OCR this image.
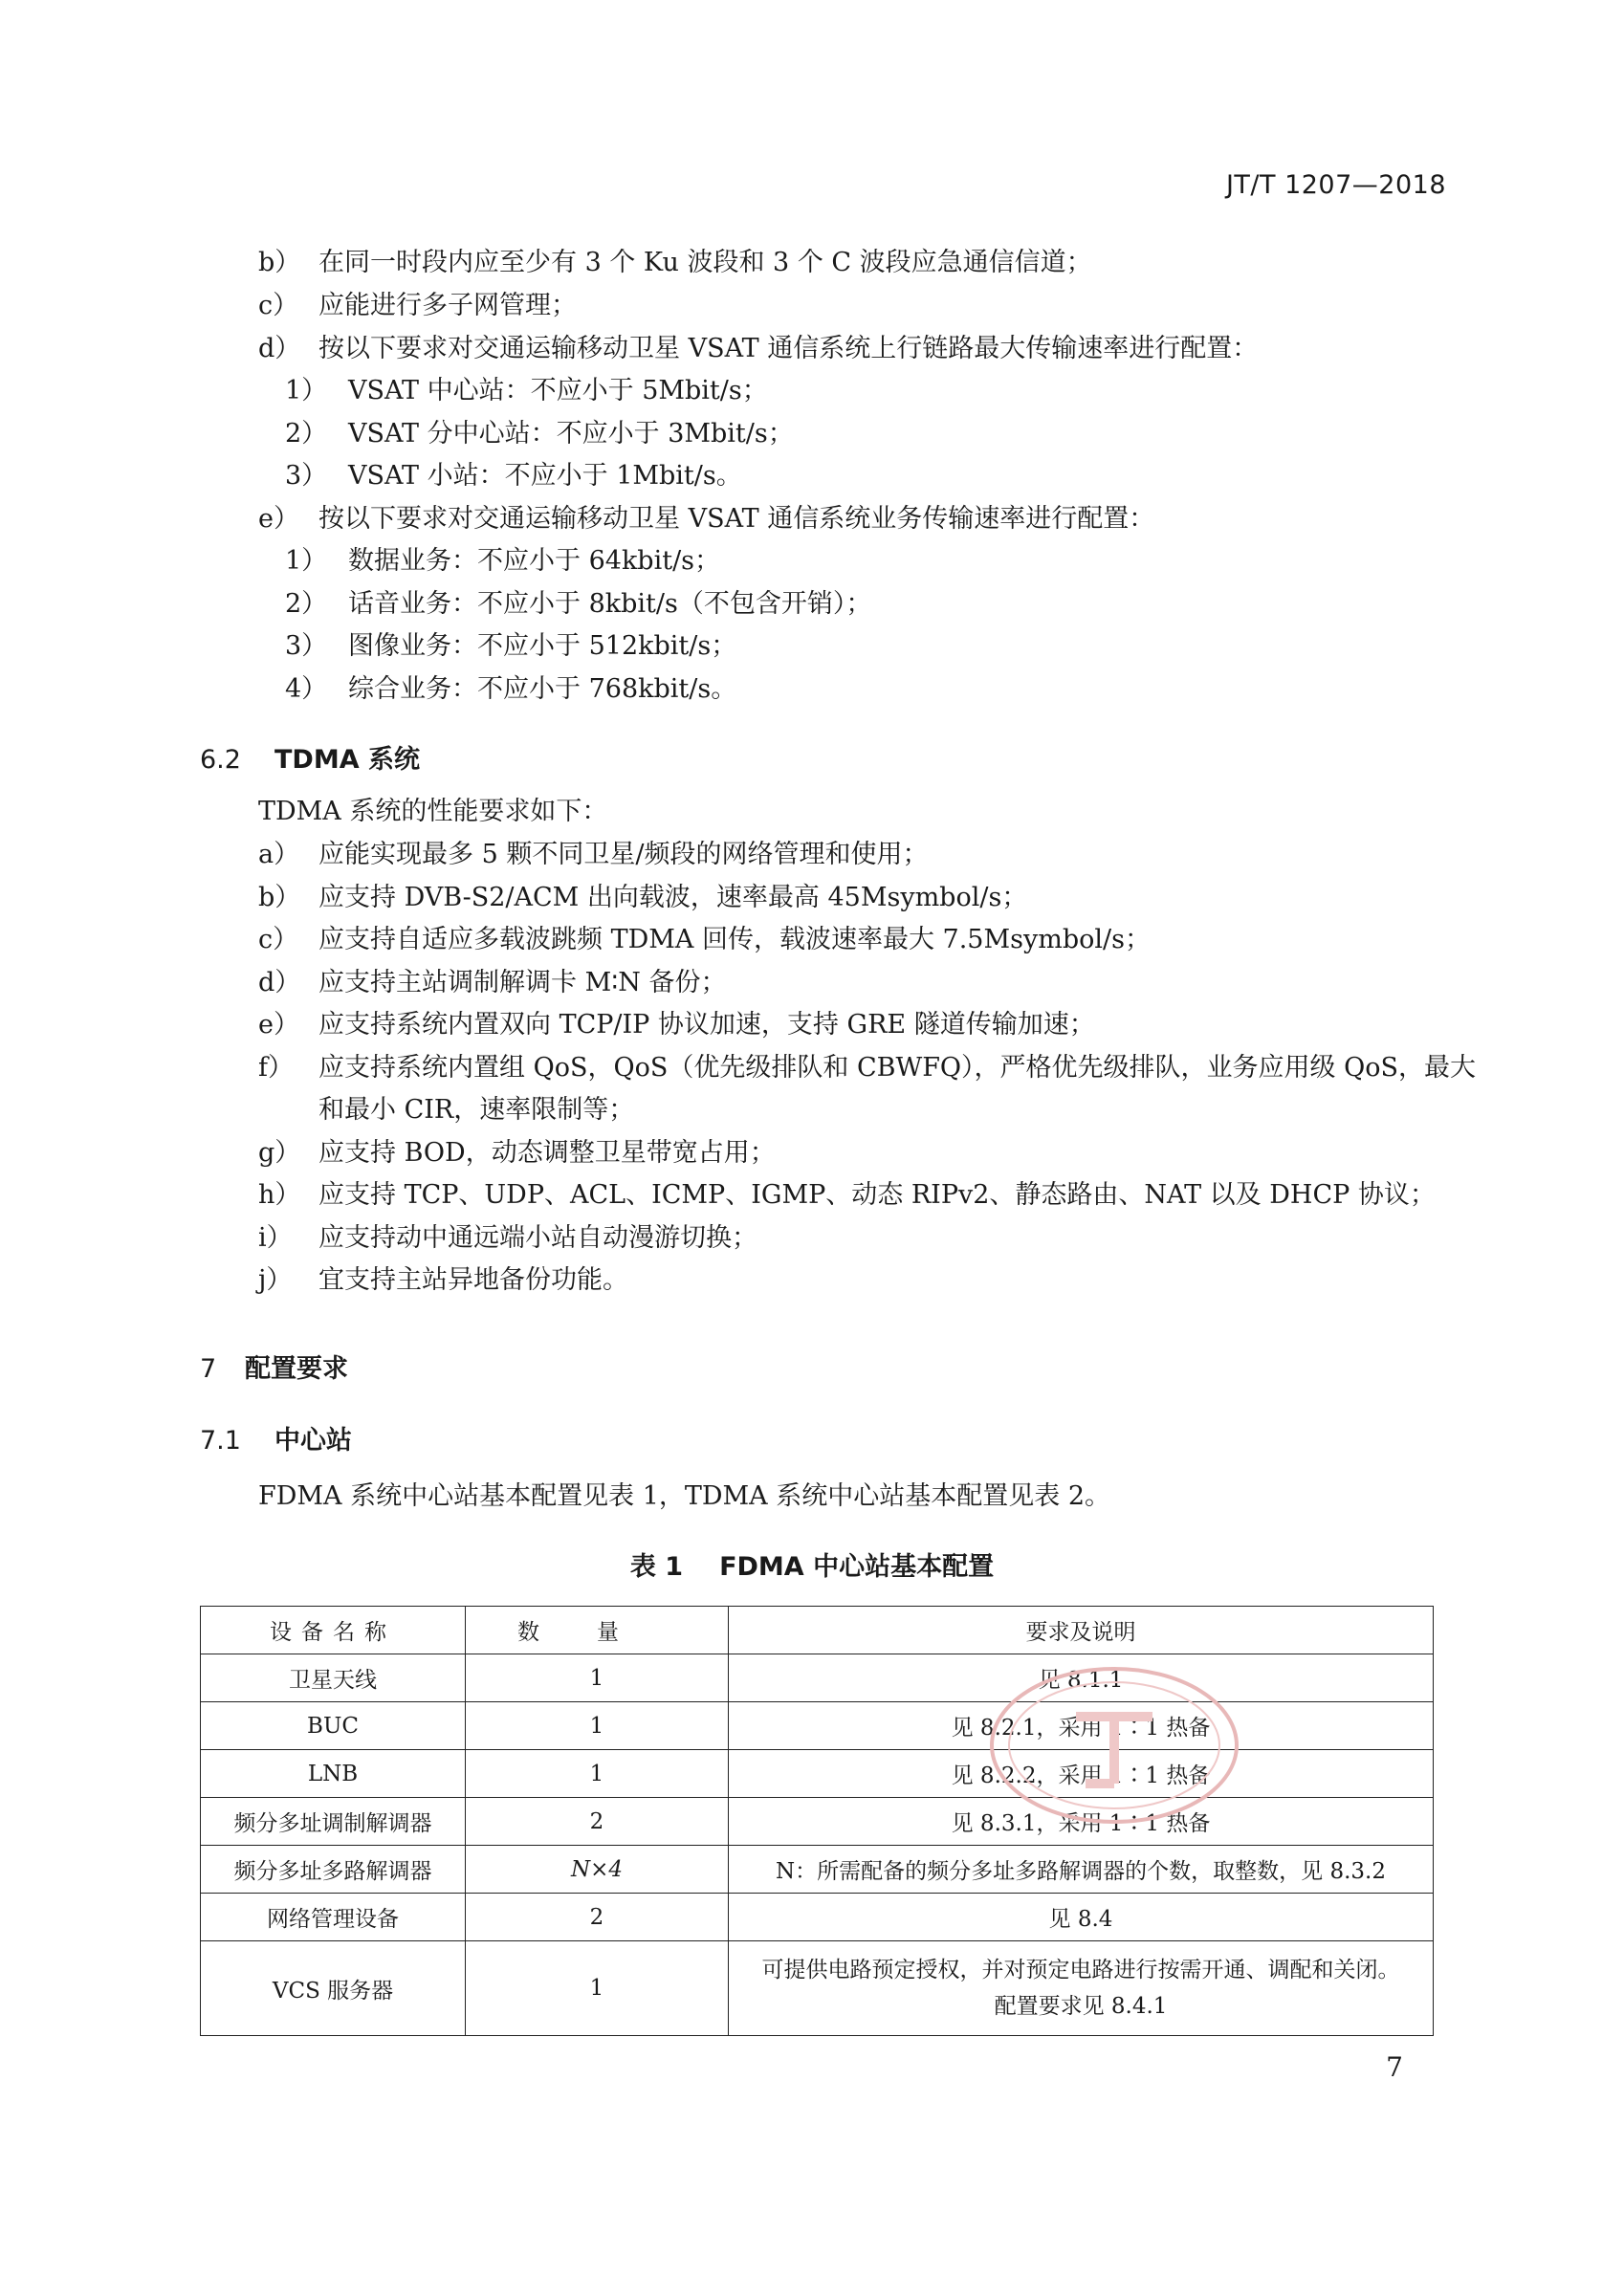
JT/T 1207—2018
b） 在同一时段内应至少有 3 个 Ku 波段和 3 个 C 波段应急通信信道；
c） 应能进行多子网管理；
d） 按以下要求对交通运输移动卫星 VSAT 通信系统上行链路最大传输速率进行配置：
1） VSAT 中心站：不应小于 5Mbit/s；
2） VSAT 分中心站：不应小于 3Mbit/s；
3） VSAT 小站：不应小于 1Mbit/s。
e） 按以下要求对交通运输移动卫星 VSAT 通信系统业务传输速率进行配置：
1） 数据业务：不应小于 64kbit/s；
2） 话音业务：不应小于 8kbit/s（不包含开销）；
3） 图像业务：不应小于 512kbit/s；
4） 综合业务：不应小于 768kbit/s。
6.2 TDMA 系统
TDMA 系统的性能要求如下：
a） 应能实现最多 5 颗不同卫星/频段的网络管理和使用；
b） 应支持 DVB-S2/ACM 出向载波，速率最高 45Msymbol/s；
c） 应支持自适应多载波跳频 TDMA 回传，载波速率最大 7.5Msymbol/s；
d） 应支持主站调制解调卡 M∶N 备份；
e） 应支持系统内置双向 TCP/IP 协议加速，支持 GRE 隧道传输加速；
f） 应支持系统内置组 QoS，QoS（优先级排队和 CBWFQ），严格优先级排队，业务应用级 QoS，最大
和最小 CIR，速率限制等；
g） 应支持 BOD，动态调整卫星带宽占用；
h） 应支持 TCP、UDP、ACL、ICMP、IGMP、动态 RIPv2、静态路由、NAT 以及 DHCP 协议；
i） 应支持动中通远端小站自动漫游切换；
j） 宜支持主站异地备份功能。
7 配置要求
7.1 中心站
FDMA 系统中心站基本配置见表 1，TDMA 系统中心站基本配置见表 2。
表 1 FDMA 中心站基本配置
设备名称	数量	要求及说明
卫星天线	1	见 8.1.1
BUC	1	见 8.2.1，采用 1∶1 热备
LNB	1	见 8.2.2，采用 1∶1 热备
频分多址调制解调器	2	见 8.3.1，采用 1∶1 热备
频分多址多路解调器	N×4	N：所需配备的频分多址多路解调器的个数，取整数，见 8.3.2
网络管理设备	2	见 8.4
VCS 服务器	1	可提供电路预定授权，并对预定电路进行按需开通、调配和关闭。
配置要求见 8.4.1
7
